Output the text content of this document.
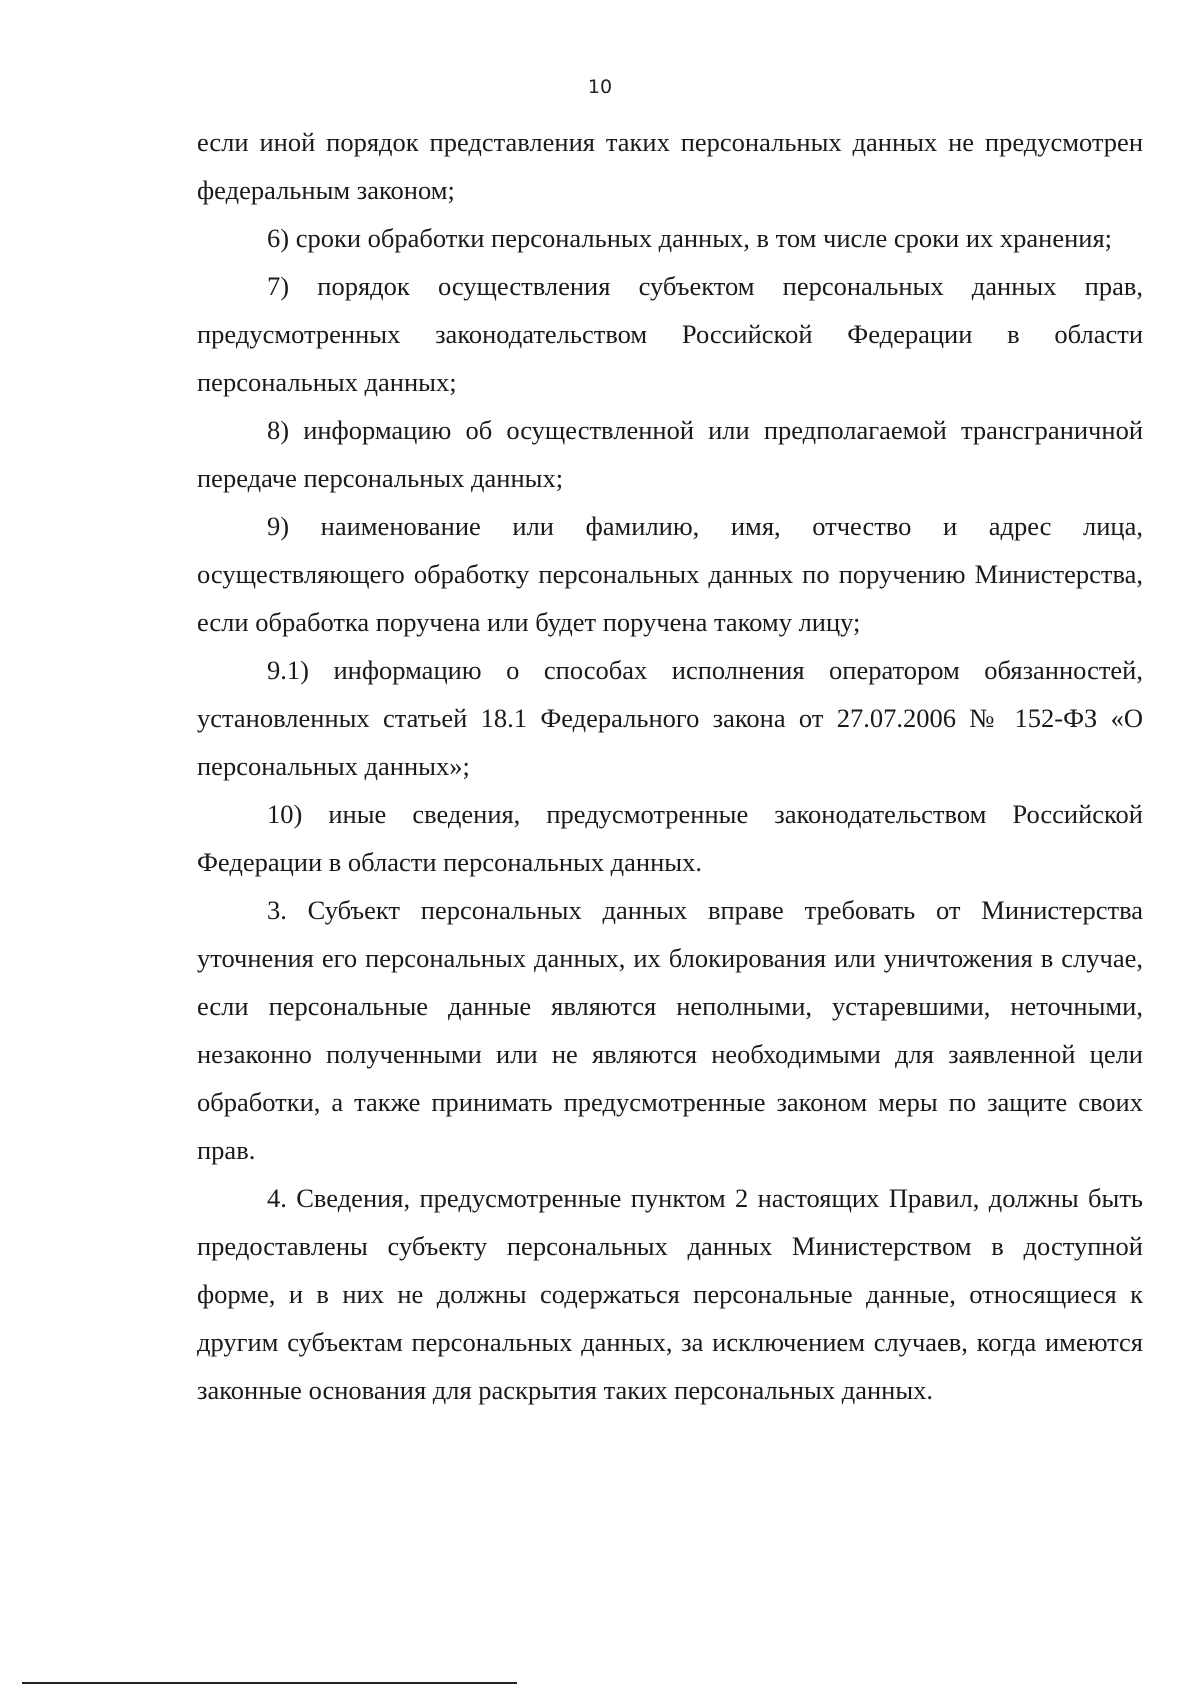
10

если иной порядок представления таких персональных данных не предусмотрен федеральным законом;

6) сроки обработки персональных данных, в том числе сроки их хранения;

7) порядок осуществления субъектом персональных данных прав, предусмотренных законодательством Российской Федерации в области персональных данных;

8) информацию об осуществленной или предполагаемой трансграничной передаче персональных данных;

9) наименование или фамилию, имя, отчество и адрес лица, осуществляющего обработку персональных данных по поручению Министерства, если обработка поручена или будет поручена такому лицу;

9.1) информацию о способах исполнения оператором обязанностей, установленных статьей 18.1 Федерального закона от 27.07.2006 № 152-ФЗ «О персональных данных»;

10) иные сведения, предусмотренные законодательством Российской Федерации в области персональных данных.

3. Субъект персональных данных вправе требовать от Министерства уточнения его персональных данных, их блокирования или уничтожения в случае, если персональные данные являются неполными, устаревшими, неточными, незаконно полученными или не являются необходимыми для заявленной цели обработки, а также принимать предусмотренные законом меры по защите своих прав.

4. Сведения, предусмотренные пунктом 2 настоящих Правил, должны быть предоставлены субъекту персональных данных Министерством в доступной форме, и в них не должны содержаться персональные данные, относящиеся к другим субъектам персональных данных, за исключением случаев, когда имеются законные основания для раскрытия таких персональных данных.
